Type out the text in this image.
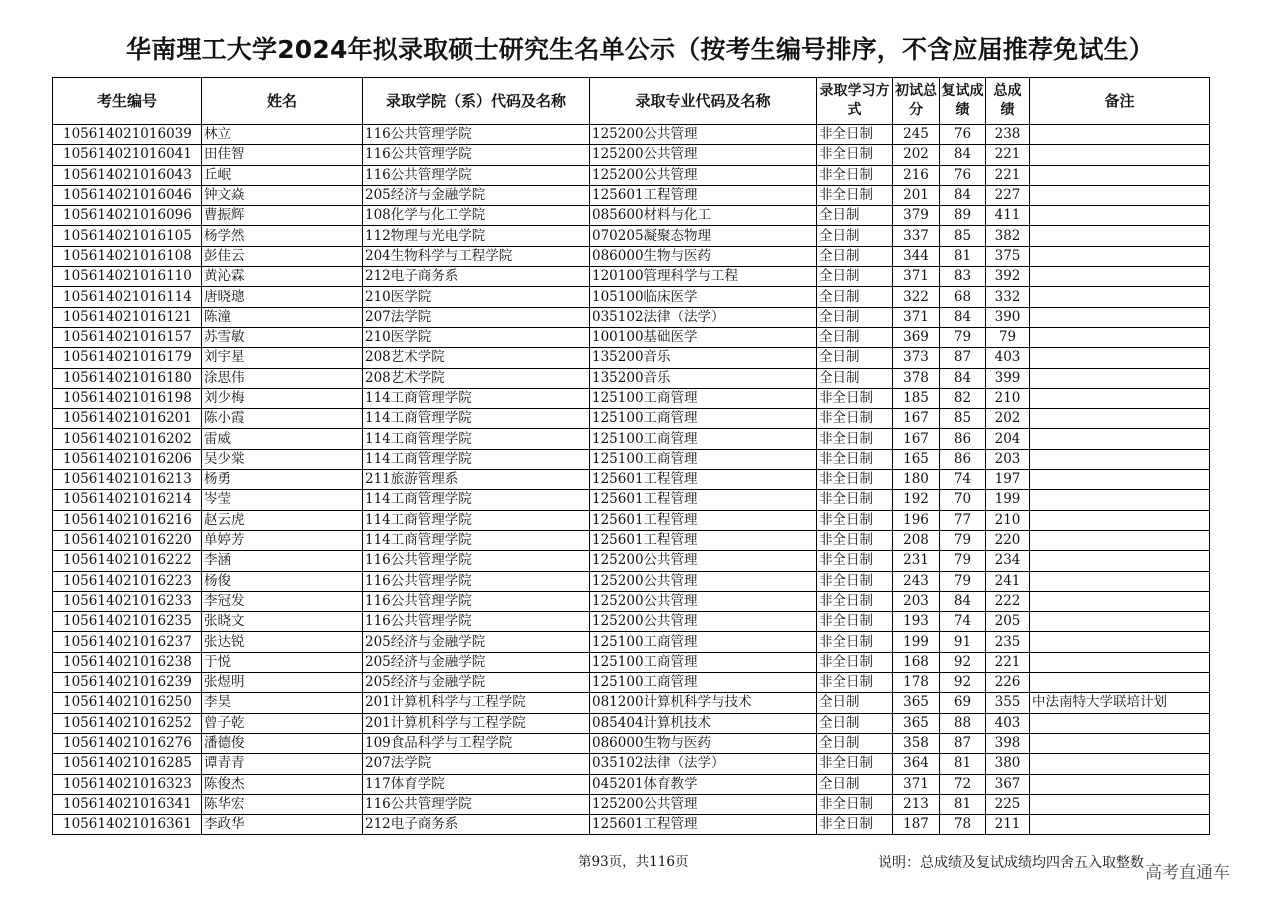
华南理工大学2024年拟录取硕士研究生名单公示（按考生编号排序，不含应届推荐免试生）
考生编号	姓名	录取学院（系）代码及名称	录取专业代码及名称	录取学习方式	初试总分	复试成绩	总成绩	备注
105614021016039	林立	116公共管理学院	125200公共管理	非全日制	245	76	238	
105614021016041	田佳智	116公共管理学院	125200公共管理	非全日制	202	84	221	
105614021016043	丘岷	116公共管理学院	125200公共管理	非全日制	216	76	221	
105614021016046	钟文焱	205经济与金融学院	125601工程管理	非全日制	201	84	227	
105614021016096	曹振辉	108化学与化工学院	085600材料与化工	全日制	379	89	411	
105614021016105	杨学然	112物理与光电学院	070205凝聚态物理	全日制	337	85	382	
105614021016108	彭佳云	204生物科学与工程学院	086000生物与医药	全日制	344	81	375	
105614021016110	黄沁霖	212电子商务系	120100管理科学与工程	全日制	371	83	392	
105614021016114	唐晓璁	210医学院	105100临床医学	全日制	322	68	332	
105614021016121	陈潼	207法学院	035102法律（法学）	全日制	371	84	390	
105614021016157	苏雪敏	210医学院	100100基础医学	全日制	369	79	79	
105614021016179	刘宇星	208艺术学院	135200音乐	全日制	373	87	403	
105614021016180	涂思伟	208艺术学院	135200音乐	全日制	378	84	399	
105614021016198	刘少梅	114工商管理学院	125100工商管理	非全日制	185	82	210	
105614021016201	陈小霞	114工商管理学院	125100工商管理	非全日制	167	85	202	
105614021016202	雷威	114工商管理学院	125100工商管理	非全日制	167	86	204	
105614021016206	吴少棠	114工商管理学院	125100工商管理	非全日制	165	86	203	
105614021016213	杨勇	211旅游管理系	125601工程管理	非全日制	180	74	197	
105614021016214	岑莹	114工商管理学院	125601工程管理	非全日制	192	70	199	
105614021016216	赵云虎	114工商管理学院	125601工程管理	非全日制	196	77	210	
105614021016220	单婷芳	114工商管理学院	125601工程管理	非全日制	208	79	220	
105614021016222	李涵	116公共管理学院	125200公共管理	非全日制	231	79	234	
105614021016223	杨俊	116公共管理学院	125200公共管理	非全日制	243	79	241	
105614021016233	李冠发	116公共管理学院	125200公共管理	非全日制	203	84	222	
105614021016235	张晓文	116公共管理学院	125200公共管理	非全日制	193	74	205	
105614021016237	张达锐	205经济与金融学院	125100工商管理	非全日制	199	91	235	
105614021016238	于悦	205经济与金融学院	125100工商管理	非全日制	168	92	221	
105614021016239	张煜明	205经济与金融学院	125100工商管理	非全日制	178	92	226	
105614021016250	李昊	201计算机科学与工程学院	081200计算机科学与技术	全日制	365	69	355	中法南特大学联培计划
105614021016252	曾子乾	201计算机科学与工程学院	085404计算机技术	全日制	365	88	403	
105614021016276	潘德俊	109食品科学与工程学院	086000生物与医药	全日制	358	87	398	
105614021016285	谭青青	207法学院	035102法律（法学）	非全日制	364	81	380	
105614021016323	陈俊杰	117体育学院	045201体育教学	全日制	371	72	367	
105614021016341	陈华宏	116公共管理学院	125200公共管理	非全日制	213	81	225	
105614021016361	李政华	212电子商务系	125601工程管理	非全日制	187	78	211	
第93页，共116页	说明：总成绩及复试成绩均四舍五入取整数 高考直通车
